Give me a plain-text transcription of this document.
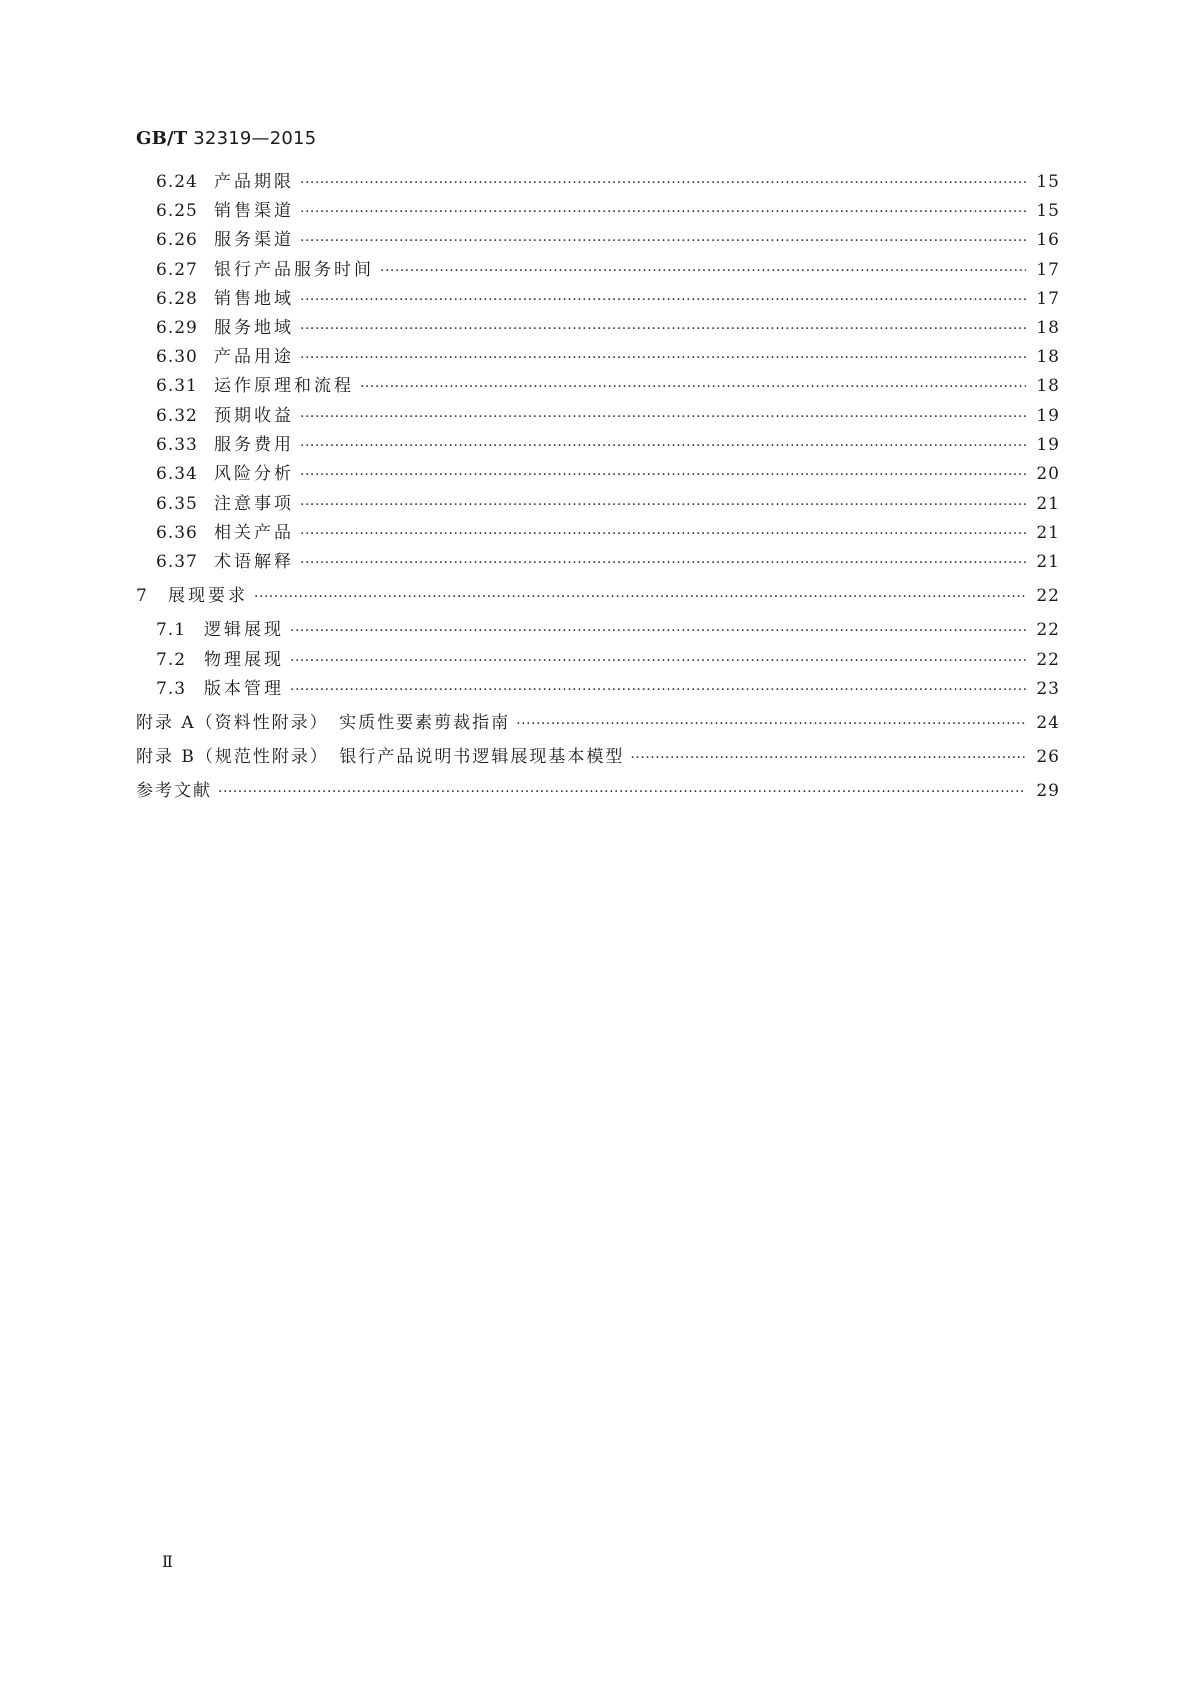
GB/T 32319—2015
6.24 产品期限 ·····	15
6.25 销售渠道 ·····	15
6.26 服务渠道 ·····	16
6.27 银行产品服务时间 ·····	17
6.28 销售地域 ·····	17
6.29 服务地域 ·····	18
6.30 产品用途 ·····	18
6.31 运作原理和流程 ·····	18
6.32 预期收益 ·····	19
6.33 服务费用 ·····	19
6.34 风险分析 ·····	20
6.35 注意事项 ·····	21
6.36 相关产品 ·····	21
6.37 术语解释 ·····	21
7	展现要求 ·····	22
7.1	逻辑展现 ·····	22
7.2	物理展现 ·····	22
7.3	版本管理 ·····	23
附录 A（资料性附录）　实质性要素剪裁指南 ·····	24
附录 B（规范性附录）　银行产品说明书逻辑展现基本模型 ·····	26
参考文献 ·····	29
Ⅱ
